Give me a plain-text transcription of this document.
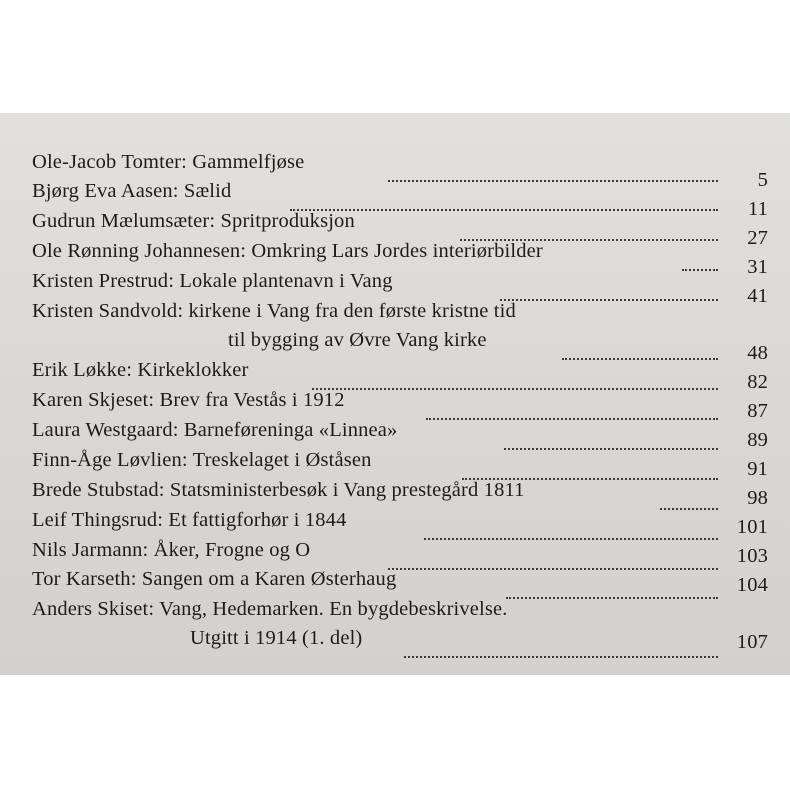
Ole-Jacob Tomter: Gammelfjøse
5
Bjørg Eva Aasen: Sælid
11
Gudrun Mælumsæter: Spritproduksjon
27
Ole Rønning Johannesen: Omkring Lars Jordes interiørbilder
31
Kristen Prestrud: Lokale plantenavn i Vang
41
Kristen Sandvold: kirkene i Vang fra den første kristne tid
til bygging av Øvre Vang kirke
48
Erik Løkke: Kirkeklokker
82
Karen Skjeset: Brev fra Vestås i 1912	87
Laura Westgaard: Barneføreninga «Linnea»	89
Finn-Åge Løvlien: Treskelaget i Øståsen	91
Brede Stubstad: Statsministerbesøk i Vang prestegård 1811	98
Leif Thingsrud: Et fattigforhør i 1844	101
Nils Jarmann: Åker, Frogne og O	103
Tor Karseth: Sangen om a Karen Østerhaug	104
Anders Skiset: Vang, Hedemarken. En bygdebeskrivelse.
Utgitt i 1914 (1. del)	107
